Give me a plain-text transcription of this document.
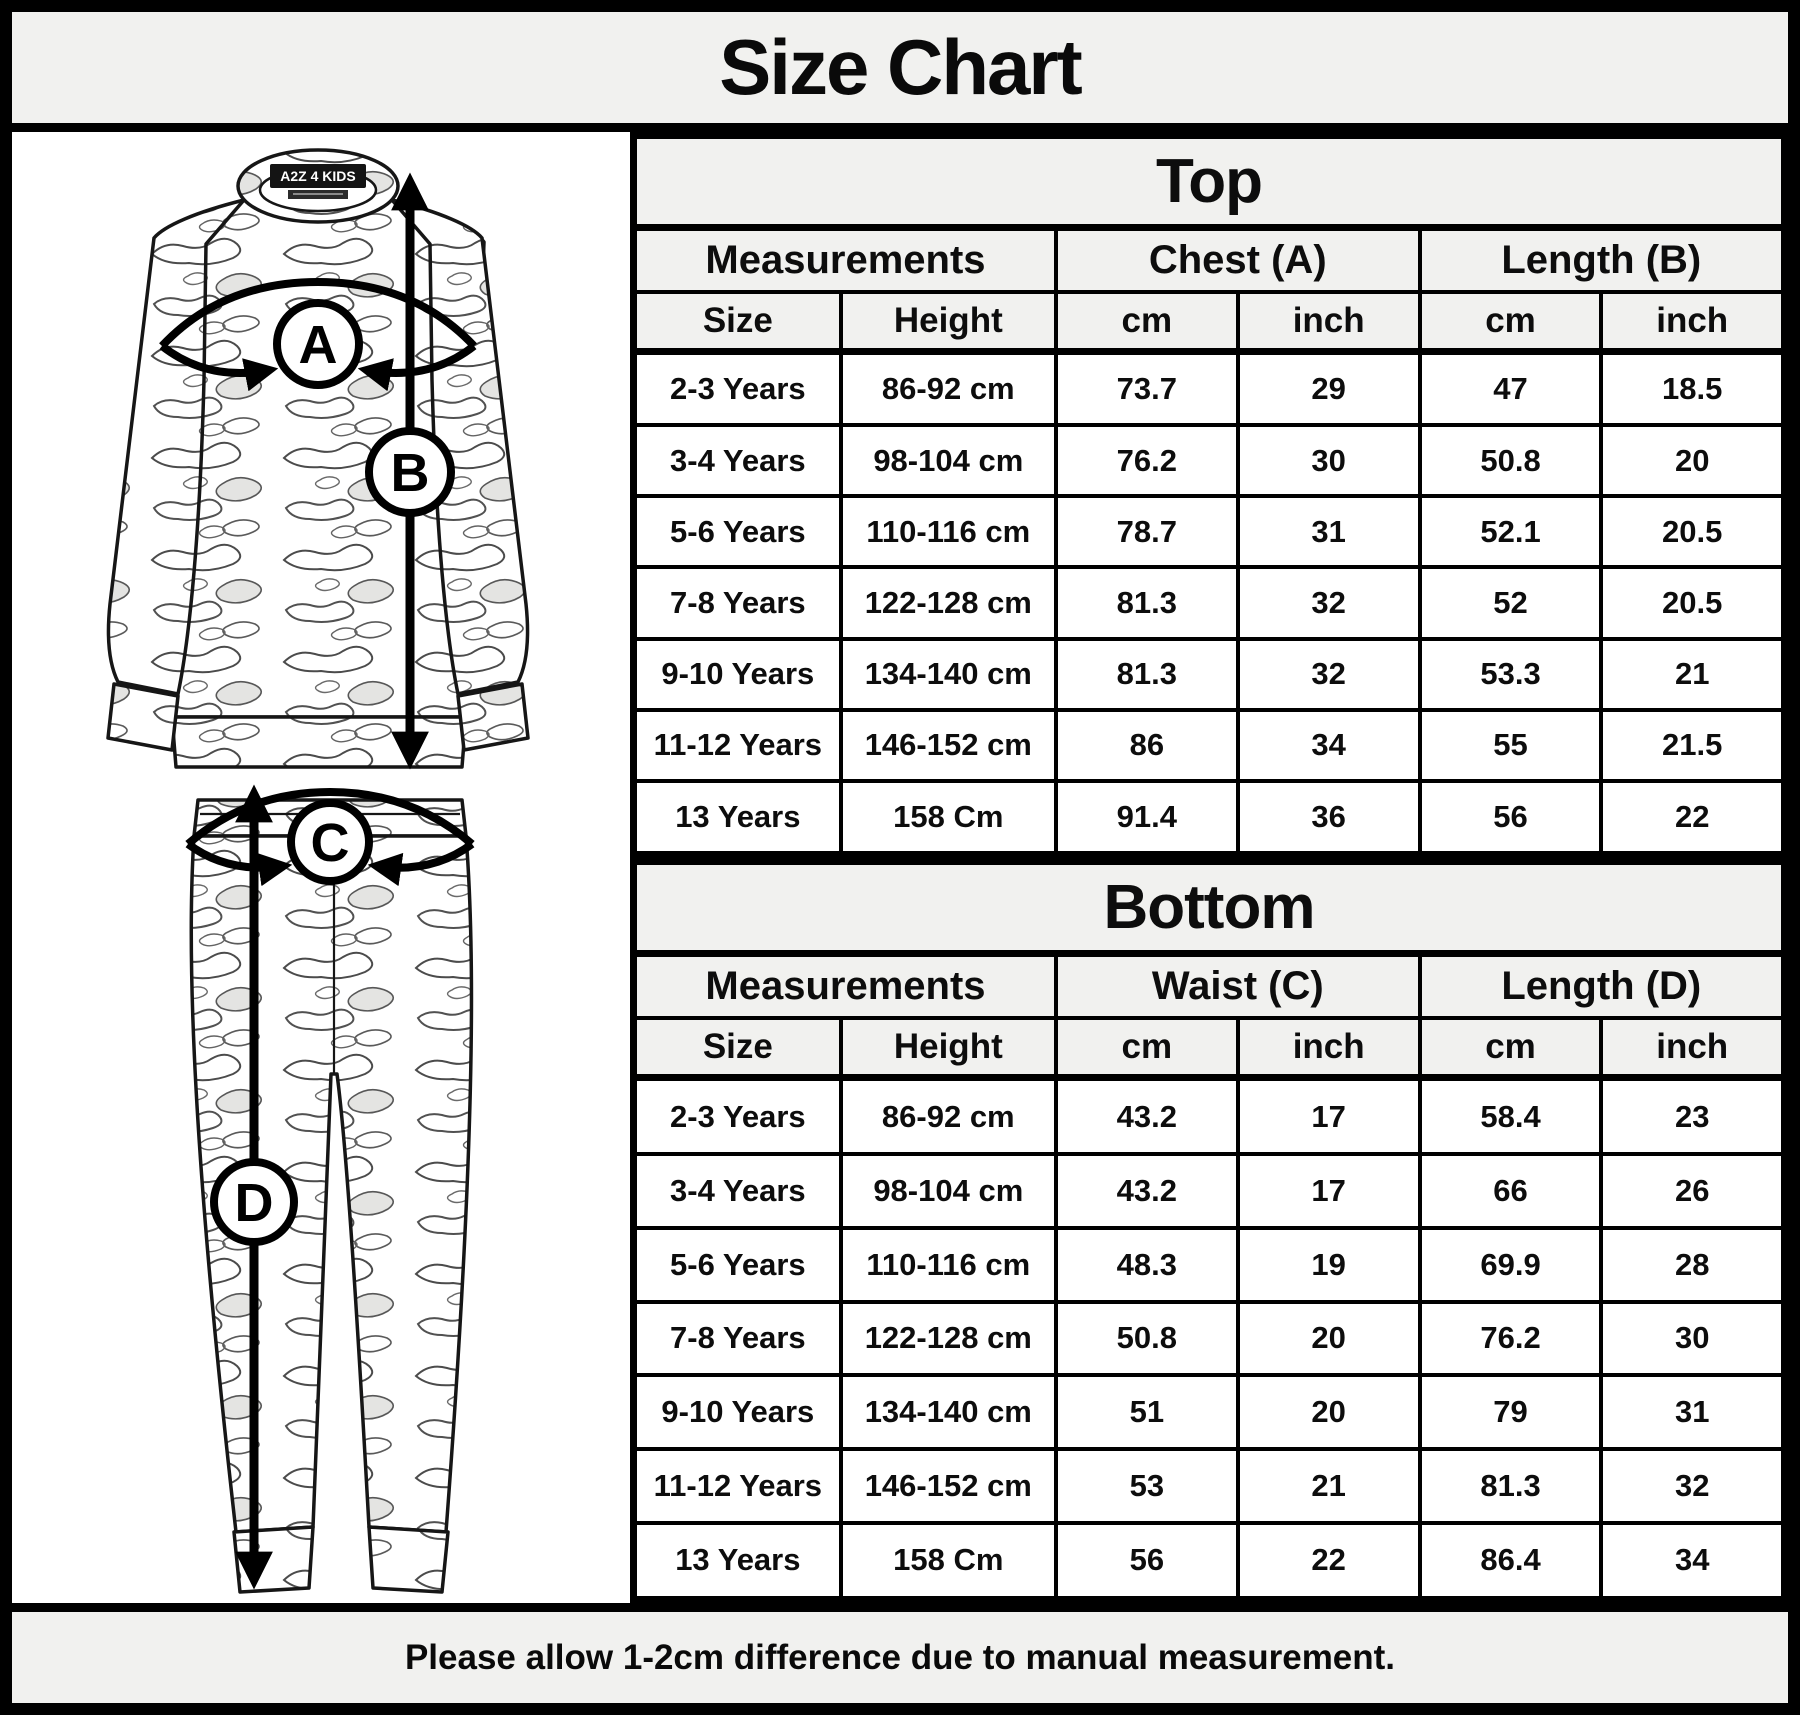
Size Chart
A2Z 4 KIDS
A
B
C
D
Top					
Measurements		Chest (A)		Length (B)	
Size	Height	cm	inch	cm	inch
2-3 Years	86-92 cm	73.7	29	47	18.5
3-4 Years	98-104 cm	76.2	30	50.8	20
5-6 Years	110-116 cm	78.7	31	52.1	20.5
7-8 Years	122-128 cm	81.3	32	52	20.5
9-10 Years	134-140 cm	81.3	32	53.3	21
11-12 Years	146-152 cm	86	34	55	21.5
13 Years	158 Cm	91.4	36	56	22
Bottom					
Measurements		Waist (C)		Length (D)	
Size	Height	cm	inch	cm	inch
2-3 Years	86-92 cm	43.2	17	58.4	23
3-4 Years	98-104 cm	43.2	17	66	26
5-6 Years	110-116 cm	48.3	19	69.9	28
7-8 Years	122-128 cm	50.8	20	76.2	30
9-10 Years	134-140 cm	51	20	79	31
11-12 Years	146-152 cm	53	21	81.3	32
13 Years	158 Cm	56	22	86.4	34

Please allow 1-2cm difference due to manual measurement.
